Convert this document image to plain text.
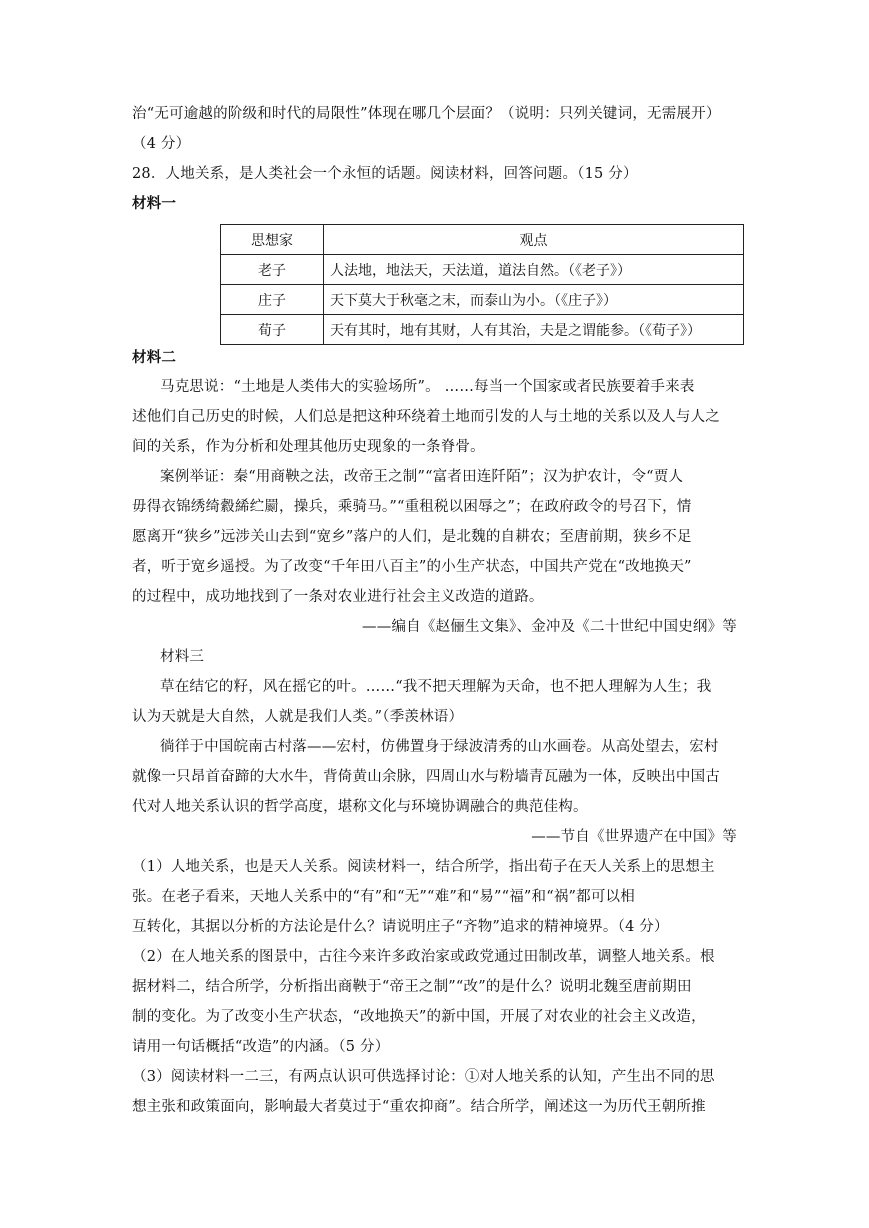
治“无可逾越的阶级和时代的局限性”体现在哪几个层面？（说明：只列关键词，无需展开）
（4 分）
28．人地关系，是人类社会一个永恒的话题。阅读材料，回答问题。（15 分）
材料一
思想家	观点
老子	人法地，地法天，天法道，道法自然。（《老子》）
庄子	天下莫大于秋毫之末，而泰山为小。（《庄子》）
荀子	天有其时，地有其财，人有其治，夫是之谓能参。（《荀子》）
材料二
马克思说：“土地是人类伟大的实验场所”。 ……每当一个国家或者民族要着手来表
述他们自己历史的时候，人们总是把这种环绕着土地而引发的人与土地的关系以及人与人之
间的关系，作为分析和处理其他历史现象的一条脊骨。
案例举证：秦“用商鞅之法，改帝王之制”“富者田连阡陌”；汉为护农计，令“贾人
毋得衣锦绣绮縠絺纻罽，操兵，乘骑马。”“重租税以困辱之”；在政府政令的号召下，情
愿离开“狭乡”远涉关山去到“宽乡”落户的人们，是北魏的自耕农；至唐前期，狭乡不足
者，听于宽乡遥授。为了改变“千年田八百主”的小生产状态，中国共产党在“改地换天”
的过程中，成功地找到了一条对农业进行社会主义改造的道路。
——编自《赵俪生文集》、金冲及《二十世纪中国史纲》等
材料三
草在结它的籽，风在摇它的叶。……“我不把天理解为天命，也不把人理解为人生；我
认为天就是大自然，人就是我们人类。”（季羡林语）
徜徉于中国皖南古村落——宏村，仿佛置身于绿波清秀的山水画卷。从高处望去，宏村
就像一只昂首奋蹄的大水牛，背倚黄山余脉，四周山水与粉墙青瓦融为一体，反映出中国古
代对人地关系认识的哲学高度，堪称文化与环境协调融合的典范佳构。
——节自《世界遗产在中国》等
（1）人地关系，也是天人关系。阅读材料一，结合所学，指出荀子在天人关系上的思想主
张。在老子看来，天地人关系中的“有”和“无”“难”和“易”“福”和“祸”都可以相
互转化，其据以分析的方法论是什么？请说明庄子“齐物”追求的精神境界。（4 分）
（2）在人地关系的图景中，古往今来许多政治家或政党通过田制改革，调整人地关系。根
据材料二，结合所学，分析指出商鞅于“帝王之制”“改”的是什么？说明北魏至唐前期田
制的变化。为了改变小生产状态，“改地换天”的新中国，开展了对农业的社会主义改造，
请用一句话概括“改造”的内涵。（5 分）
（3）阅读材料一二三，有两点认识可供选择讨论：①对人地关系的认知，产生出不同的思
想主张和政策面向，影响最大者莫过于“重农抑商”。结合所学，阐述这一为历代王朝所推
